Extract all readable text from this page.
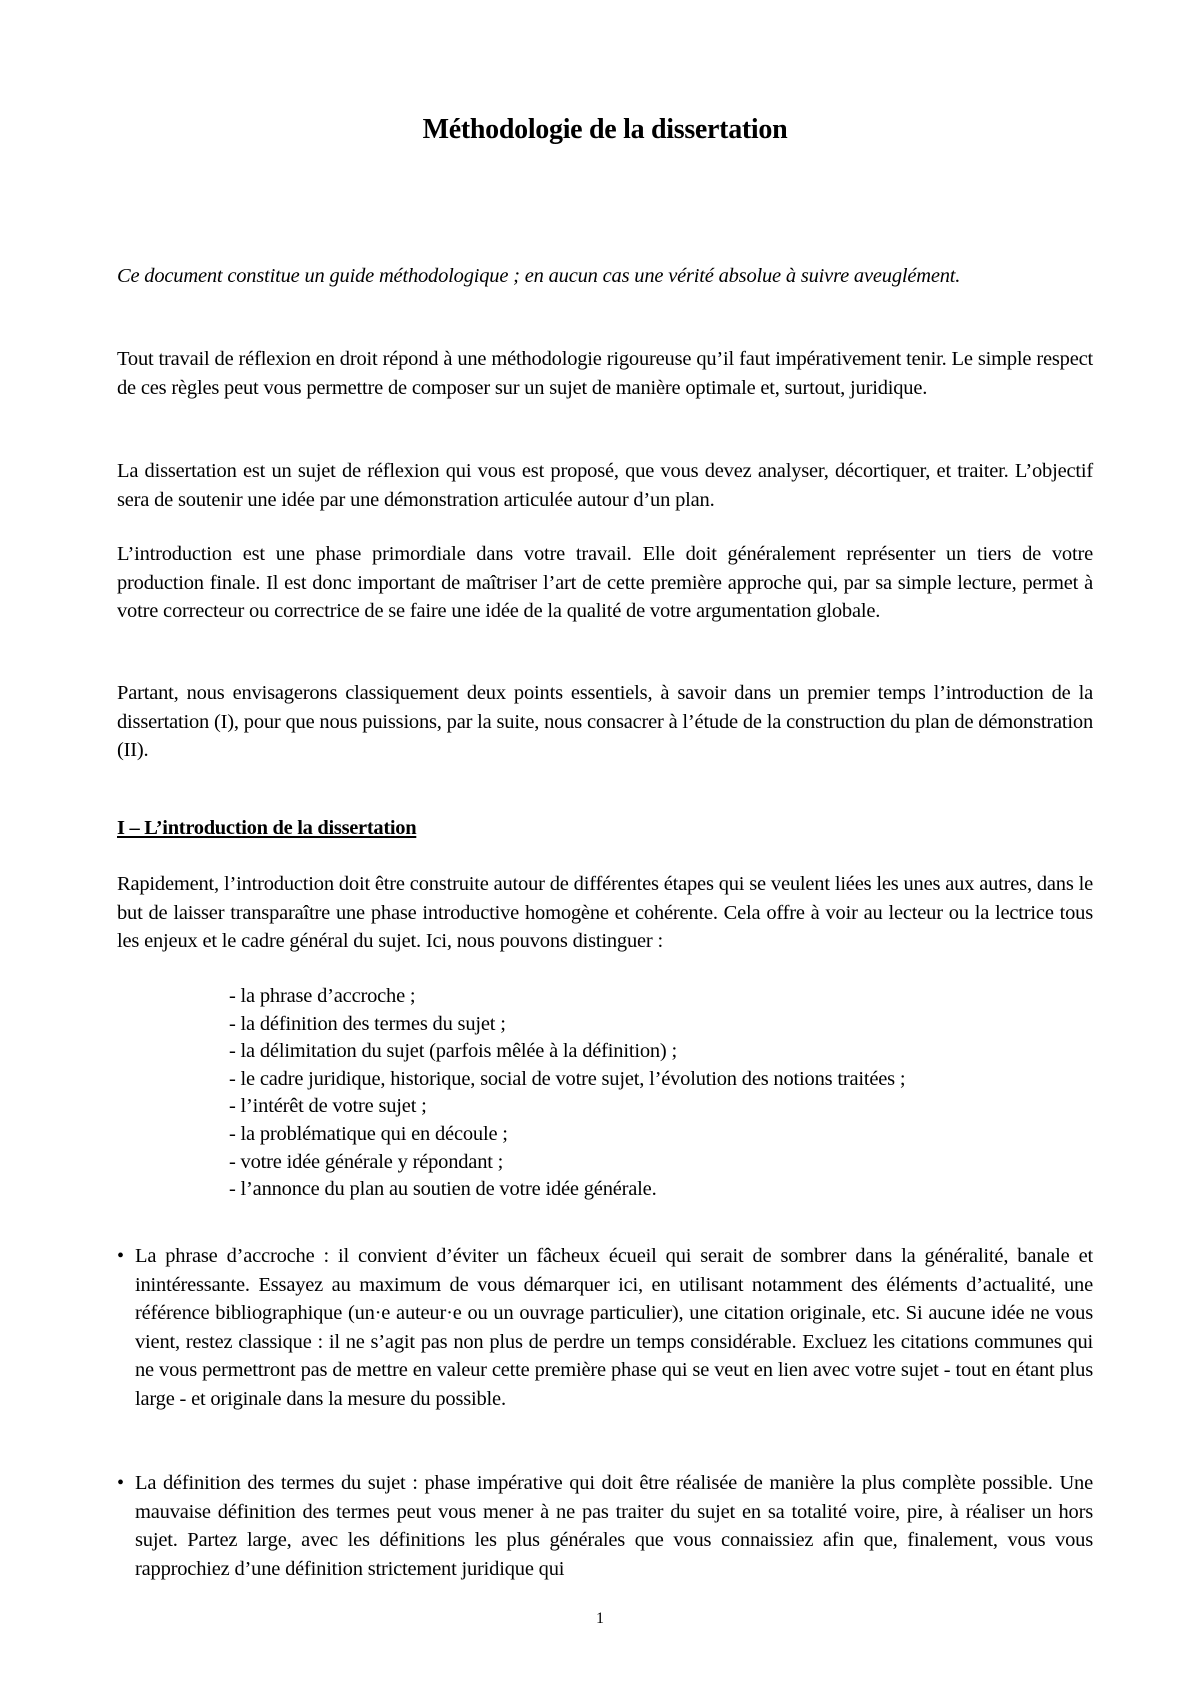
Méthodologie de la dissertation

Ce document constitue un guide méthodologique ; en aucun cas une vérité absolue à suivre aveuglément.

Tout travail de réflexion en droit répond à une méthodologie rigoureuse qu’il faut impérativement tenir. Le simple respect de ces règles peut vous permettre de composer sur un sujet de manière optimale et, surtout, juridique.

La dissertation est un sujet de réflexion qui vous est proposé, que vous devez analyser, décortiquer, et traiter. L’objectif sera de soutenir une idée par une démonstration articulée autour d’un plan.

L’introduction est une phase primordiale dans votre travail. Elle doit généralement représenter un tiers de votre production finale. Il est donc important de maîtriser l’art de cette première approche qui, par sa simple lecture, permet à votre correcteur ou correctrice de se faire une idée de la qualité de votre argumentation globale.

Partant, nous envisagerons classiquement deux points essentiels, à savoir dans un premier temps l’introduction de la dissertation (I), pour que nous puissions, par la suite, nous consacrer à l’étude de la construction du plan de démonstration (II).

I – L’introduction de la dissertation

Rapidement, l’introduction doit être construite autour de différentes étapes qui se veulent liées les unes aux autres, dans le but de laisser transparaître une phase introductive homogène et cohérente. Cela offre à voir au lecteur ou la lectrice tous les enjeux et le cadre général du sujet. Ici, nous pouvons distinguer :

- la phrase d’accroche ;
- la définition des termes du sujet ;
- la délimitation du sujet (parfois mêlée à la définition) ;
- le cadre juridique, historique, social de votre sujet, l’évolution des notions traitées ;
- l’intérêt de votre sujet ;
- la problématique qui en découle ;
- votre idée générale y répondant ;
- l’annonce du plan au soutien de votre idée générale.
• La phrase d’accroche : il convient d’éviter un fâcheux écueil qui serait de sombrer dans la généralité, banale et inintéressante. Essayez au maximum de vous démarquer ici, en utilisant notamment des éléments d’actualité, une référence bibliographique (un·e auteur·e ou un ouvrage particulier), une citation originale, etc. Si aucune idée ne vous vient, restez classique : il ne s’agit pas non plus de perdre un temps considérable. Excluez les citations communes qui ne vous permettront pas de mettre en valeur cette première phase qui se veut en lien avec votre sujet - tout en étant plus large - et originale dans la mesure du possible.

• La définition des termes du sujet : phase impérative qui doit être réalisée de manière la plus complète possible. Une mauvaise définition des termes peut vous mener à ne pas traiter du sujet en sa totalité voire, pire, à réaliser un hors sujet. Partez large, avec les définitions les plus générales que vous connaissiez afin que, finalement, vous vous rapprochiez d’une définition strictement juridique qui

1
